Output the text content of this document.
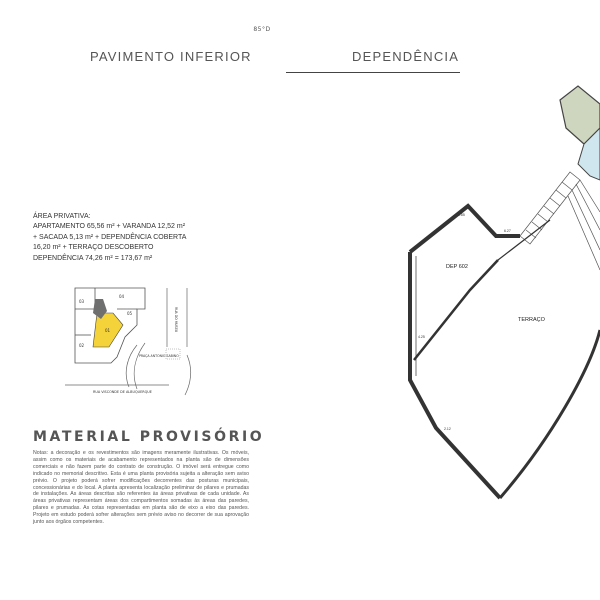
85°D
PAVIMENTO INFERIOR	DEPENDÊNCIA
ÁREA PRIVATIVA:
APARTAMENTO 65,56 m² + VARANDA 12,52 m²
+ SACADA 5,13 m² + DEPENDÊNCIA COBERTA
16,20 m² + TERRAÇO DESCOBERTO
DEPENDÊNCIA 74,26 m² = 173,67 m²
04
03
05
02
01	RUA DO MUSEU
PRAÇA ANTONIO SABINO
RUA VISCONDE DE ALBUQUERQUE
MATERIAL PROVISÓRIO
Notas: a decoração e os revestimentos são imagens meramente ilustrativas. Os móveis, assim como os materiais de acabamento representados na planta são de dimensões comerciais e não fazem parte do contrato de construção. O imóvel será entregue como indicado no memorial descritivo. Esta é uma planta provisória sujeita a alteração sem aviso prévio. O projeto poderá sofrer modificações decorrentes das posturas municipais, concessionárias e do local. A planta apresenta localização preliminar de pilares e prumadas de instalações. As áreas descritas são referentes às áreas privativas de cada unidade. As áreas privativas representam áreas dos compartimentos somadas às áreas das paredes, pilares e prumadas. As cotas representadas em planta são de eixo a eixo das paredes. Projeto em estudo poderá sofrer alterações sem prévio aviso no decorrer de sua aprovação junto aos órgãos competentes.
DEP 602
TERRAÇO
1.85
6.27
4.25
2.12
